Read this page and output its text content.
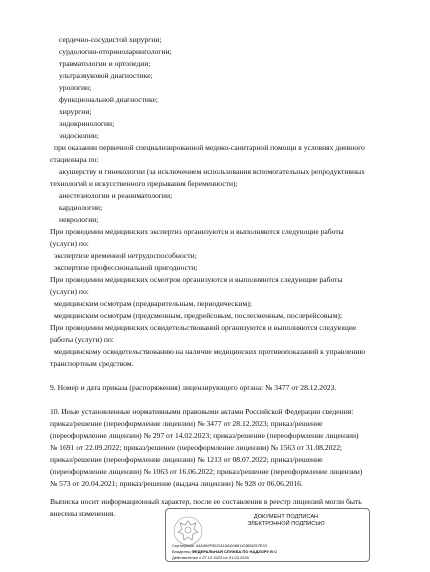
сердечно-сосудистой хирургии;
сурдологии-оториноларингологии;
травматологии и ортопедии;
ультразвуковой диагностике;
урологии;
функциональной диагностике;
хирургии;
эндокринологии;
эндоскопии;
при оказании первичной специализированной медико-санитарной помощи в условиях дневного
стационара по:
акушерству и гинекологии (за исключением использования вспомогательных репродуктивных
технологий и искусственного прерывания беременности);
анестезиологии и реаниматологии;
кардиологии;
неврологии;
При проведении медицинских экспертиз организуются и выполняются следующие работы
(услуги) по:
экспертизе временной нетрудоспособности;
экспертизе профессиональной пригодности;
При проведении медицинских осмотров организуются и выполняются следующие работы
(услуги) по:
медицинским осмотрам (предварительным, периодическим);
медицинским осмотрам (предсменным, предрейсовым, послесменным, послерейсовым);
При проведении медицинских освидетельствований организуются и выполняются следующие
работы (услуги) по:
медицинскому освидетельствованию на наличие медицинских противопоказаний к управлению
транспортным средством.
9. Номер и дата приказа (распоряжения) лицензирующего органа: № 3477 от 28.12.2023.
10. Иные установленные нормативными правовыми актами Российской Федерации сведения:
приказ/решение (переоформление лицензии) № 3477 от 28.12.2023; приказ/решение
(переоформление лицензии) № 297 от 14.02.2023; приказ/решение (переоформление лицензии)
№ 1691 от 22.09.2022; приказ/решение (переоформление лицензии) № 1563 от 31.08.2022;
приказ/решение (переоформление лицензии) № 1213 от 08.07.2022; приказ/решение
(переоформление лицензии) № 1063 от 16.06.2022; приказ/решение (переоформление лицензии)
№ 573 от 20.04.2021; приказ/решение (выдача лицензии) № 928 от 06.06.2016.
Выписка носит информационный характер, после ее составления в реестр лицензий могли быть
внесены изменения.	ДОКУМЕНТ ПОДПИСАН
ЭЛЕКТРОННОЙ ПОДПИСЬЮ
Сертификат 44A369F5521110AD0861ICBB0257E33
Владелец ФЕДЕРАЛЬНАЯ СЛУЖБА ПО НАДЗОРУ В С
Действителен с 07.12.2023 по 01.03.2025
